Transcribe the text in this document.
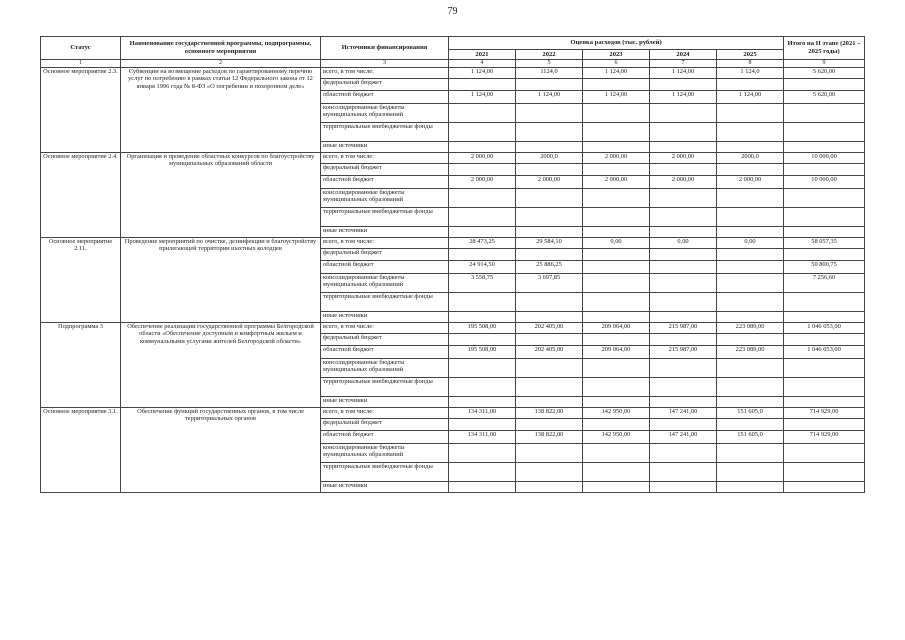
79
Статус	Наименование государственной программы, подпрограммы, основного мероприятия	Источники финансирования	Оценка расходов (тыс. рублей)					Итого на II этапе (2021 – 2025 годы)
			2021	2022	2023	2024	2025	
1	2	3	4	5	6	7	8	9
Основное мероприятие 2.3.	Субвенции на возмещение расходов по гарантированному перечню услуг по погребению в рамках статьи 12 Федерального закона от 12 января 1996 года № 8-ФЗ «О погребении и похоронном деле»	всего, в том числе:	1 124,00	1124,0	1 124,00	1 124,00	1 124,0	5 620,00
		федеральный бюджет						
		областной бюджет	1 124,00	1 124,00	1 124,00	1 124,00	1 124,00	5 620,00
		консолидированные бюджеты муниципальных образований						
		территориальные внебюджетные фонды						
		иные источники						
Основное мероприятие 2.4.	Организация и проведение областных конкурсов по благоустройству муниципальных образований области	всего, в том числе:	2 000,00	2000,0	2 000,00	2 000,00	2000,0	10 000,00
		федеральный бюджет						
		областной бюджет	2 000,00	2 000,00	2 000,00	2 000,00	2 000,00	10 000,00
		консолидированные бюджеты муниципальных образований						
		территориальные внебюджетные фонды						
		иные источники						
Основное мероприятие 2.11.	Проведение мероприятий по очистке, дезинфекции и благоустройству прилегающей территории шахтных колодцев	всего, в том числе:	28 473,25	29 584,10	0,00	0,00	0,00	58 057,35
		федеральный бюджет						
		областной бюджет	24 914,50	25 886,25				50 800,75
		консолидированные бюджеты муниципальных образований	3 558,75	3 697,85				7 256,60
		территориальные внебюджетные фонды						
		иные источники						
Подпрограмма 3	Обеспечение реализации государственной программы Белгородской области «Обеспечение доступным и комфортным жильем и коммунальными услугами жителей Белгородской области»	всего, в том числе:	195 508,00	202 405,00	209 064,00	215 987,00	223 089,00	1 046 053,00
		федеральный бюджет						
		областной бюджет	195 508,00	202 405,00	209 064,00	215 987,00	223 089,00	1 046 053,00
		консолидированные бюджеты муниципальных образований						
		территориальные внебюджетные фонды						
		иные источники						
Основное мероприятие 3.1.	Обеспечение функций государственных органов, в том числе территориальных органов	всего, в том числе:	134 311,00	138 822,00	142 950,00	147 241,00	151 605,0	714 929,00
		федеральный бюджет						
		областной бюджет	134 311,00	138 822,00	142 950,00	147 241,00	151 605,0	714 929,00
		консолидированные бюджеты муниципальных образований						
		территориальные внебюджетные фонды						
		иные источники						
